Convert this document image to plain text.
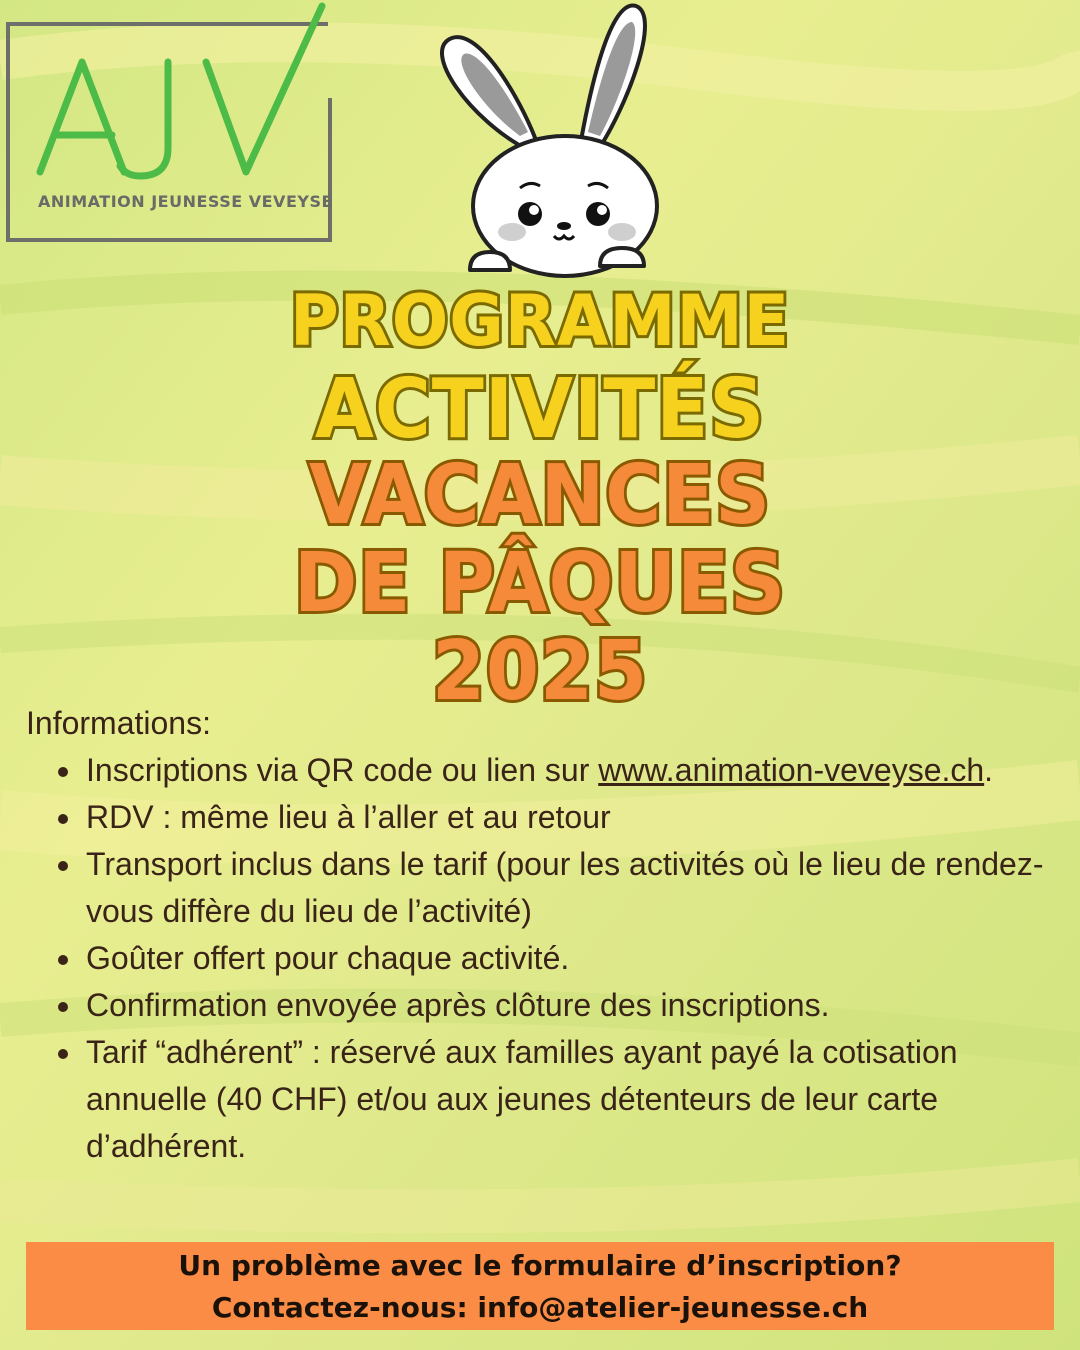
ANIMATION JEUNESSE VEVEYSE
PROGRAMME
ACTIVITÉS
VACANCES
DE PÂQUES
2025

Informations:

• Inscriptions via QR code ou lien sur www.animation-veveyse.ch.
• RDV : même lieu à l’aller et au retour
• Transport inclus dans le tarif (pour les activités où le lieu de rendez-vous diffère du lieu de l’activité)
• Goûter offert pour chaque activité.
• Confirmation envoyée après clôture des inscriptions.
• Tarif “adhérent” : réservé aux familles ayant payé la cotisation annuelle (40 CHF) et/ou aux jeunes détenteurs de leur carte d’adhérent.
Un problème avec le formulaire d’inscription?
Contactez-nous: info@atelier-jeunesse.ch
